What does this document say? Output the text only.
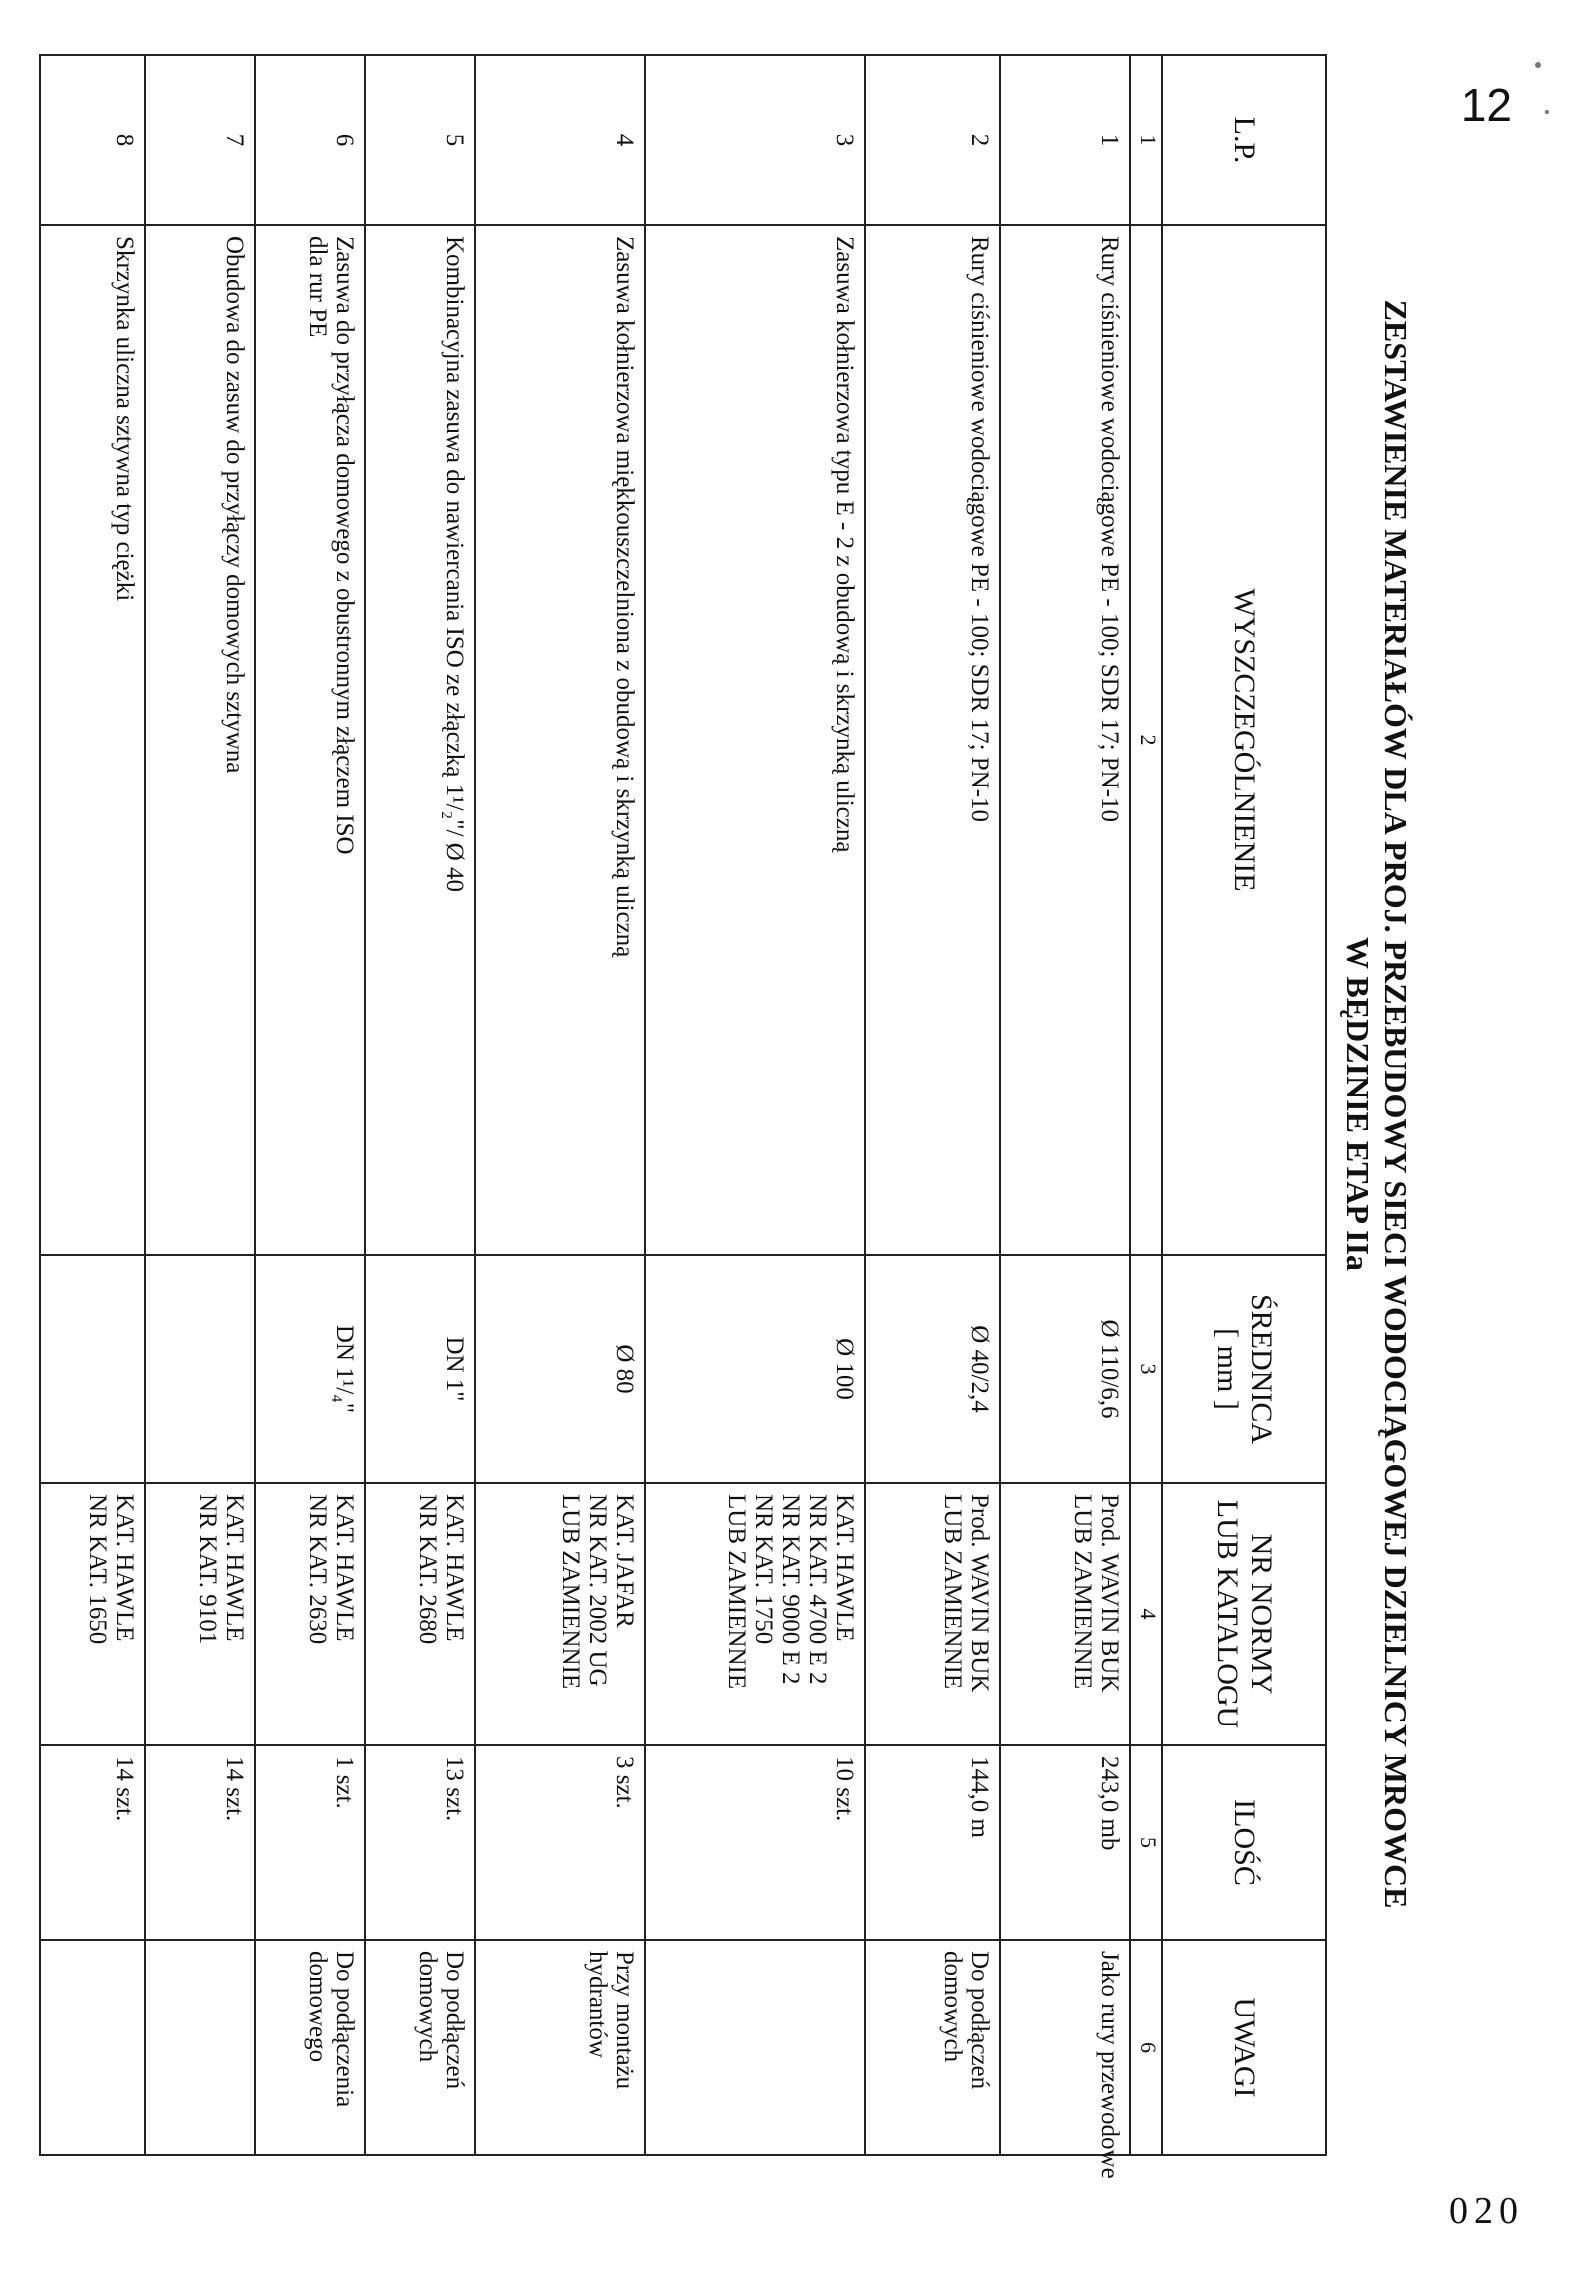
12
ZESTAWIENIE MATERIAŁÓW DLA PROJ. PRZEBUDOWY SIECI WODOCIĄGOWEJ DZIELNICY MROWCE
W BĘDZINIE ETAP IIa
L.P.	WYSZCZEGÓLNIENIE	ŚREDNICA
[ mm ]	NR NORMY
LUB KATALOGU	ILOŚĆ	UWAGI
1	2	3	4	5	6
1	Rury ciśnieniowe wodociągowe PE - 100; SDR 17; PN-10	Ø 110/6,6	Prod. WAVIN BUK
LUB ZAMIENNIE	243,0 mb	Jako rury przewodowe

2	Rury ciśnieniowe wodociągowe PE - 100; SDR 17; PN-10	Ø 40/2,4	Prod. WAVIN BUK
LUB ZAMIENNIE	144,0 m	Do podłączeń
domowych

3	Zasuwa kołnierzowa typu E - 2 z obudową i skrzynką uliczną	Ø 100	KAT. HAWLE
NR KAT. 4700 E 2
NR KAT. 9000 E 2
NR KAT. 1750
LUB ZAMIENNIE	10 szt.	
4	Zasuwa kołnierzowa miękkouszczelniona z obudową i skrzynką uliczną	Ø 80	KAT. JAFAR
NR KAT. 2002 UG
LUB ZAMIENNIE	3 szt.	Przy montażu
hydrantów

5	Kombinacyjna zasuwa do nawiercania ISO ze złączką 1¹/₂"/ Ø 40	DN 1"	KAT. HAWLE
NR KAT. 2680	13 szt.	Do podłączeń
domowych

6	Zasuwa do przyłącza domowego z obustronnym złączem ISO
dla rur PE	DN 1¹/₄"	KAT. HAWLE
NR KAT. 2630	1 szt.	Do podłączenia
domowego

7	Obudowa do zasuw do przyłączy domowych sztywna		KAT. HAWLE
NR KAT. 9101	14 szt.	
8	Skrzynka uliczna sztywna typ ciężki		KAT. HAWLE
NR KAT. 1650	14 szt.	
020
